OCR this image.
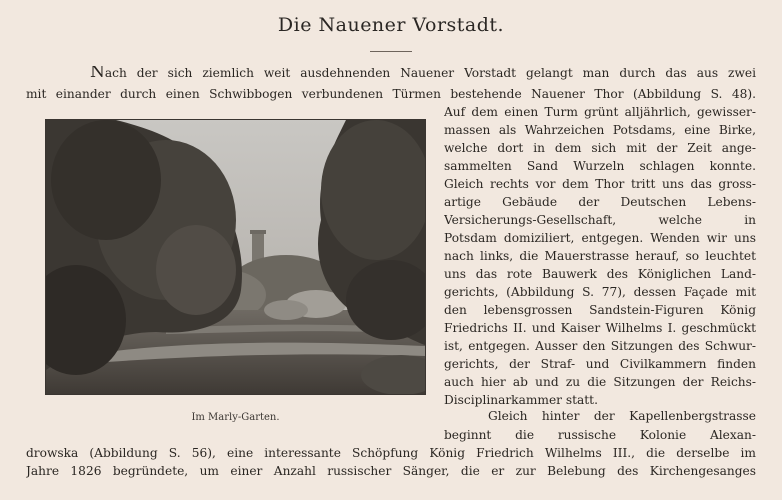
Die Nauener Vorstadt.
Nach der sich ziemlich weit ausdehnenden Nauener Vorstadt gelangt man durch das aus zwei
mit einander durch einen Schwibbogen verbundenen Türmen bestehende Nauener Thor (Abbildung S. 48).
Auf dem einen Turm grünt alljährlich, gewisser-
massen als Wahrzeichen Potsdams, eine Birke,
welche dort in dem sich mit der Zeit ange-
sammelten Sand Wurzeln schlagen konnte.
Gleich rechts vor dem Thor tritt uns das gross-
artige Gebäude der Deutschen Lebens-
Versicherungs-Gesellschaft, welche in
Potsdam domiziliert, entgegen. Wenden wir uns
nach links, die Mauerstrasse herauf, so leuchtet
uns das rote Bauwerk des Königlichen Land-
gerichts, (Abbildung S. 77), dessen Façade mit
den lebensgrossen Sandstein-Figuren König
Friedrichs II. und Kaiser Wilhelms I. geschmückt
ist, entgegen. Ausser den Sitzungen des Schwur-
gerichts, der Straf- und Civilkammern finden
auch hier ab und zu die Sitzungen der Reichs-
Disciplinarkammer statt.
Gleich hinter der Kapellenbergstrasse
beginnt die russische Kolonie Alexan-
drowska (Abbildung S. 56), eine interessante Schöpfung König Friedrich Wilhelms III., die derselbe im
Jahre 1826 begründete, um einer Anzahl russischer Sänger, die er zur Belebung des Kirchengesanges
Im Marly-Garten.
